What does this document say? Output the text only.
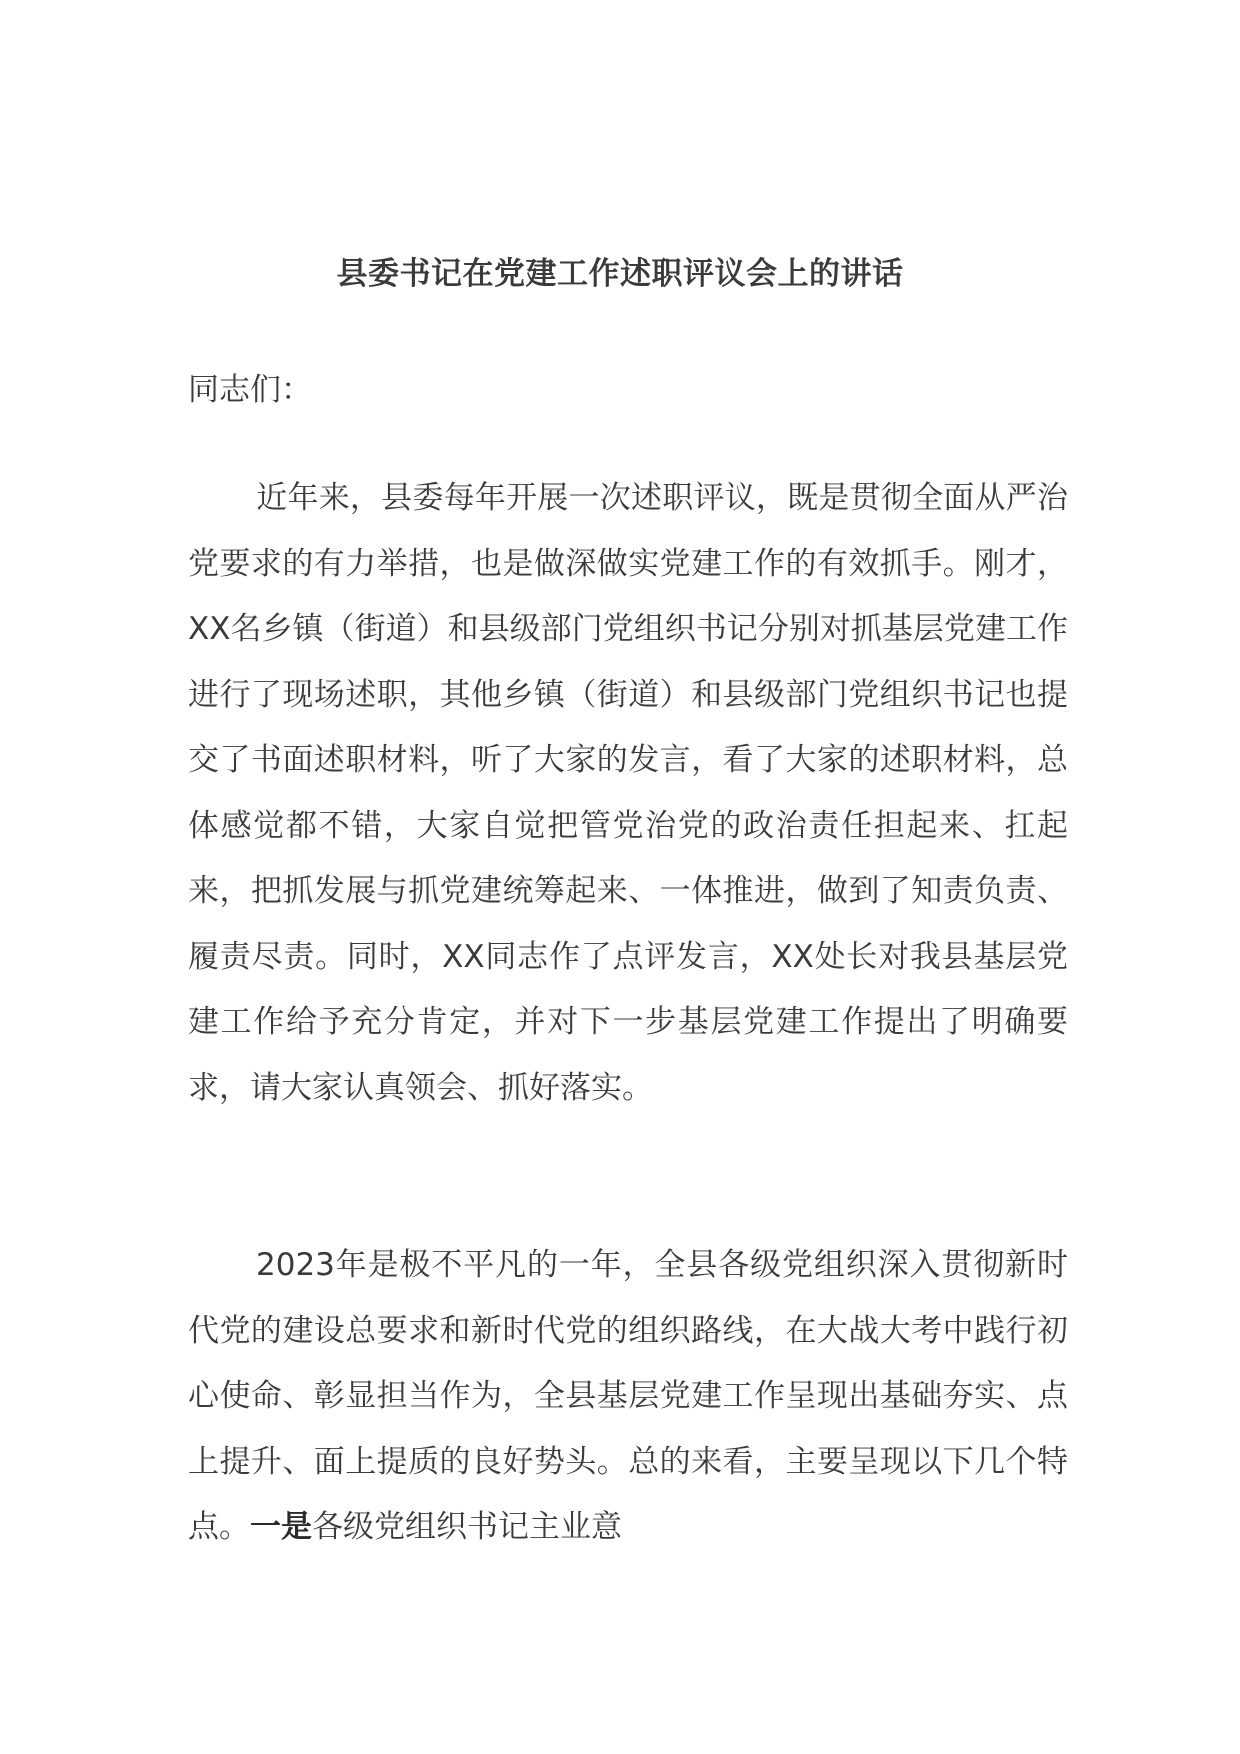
县委书记在党建工作述职评议会上的讲话
同志们：

近年来，县委每年开展一次述职评议，既是贯彻全面从严治党要求的有力举措，也是做深做实党建工作的有效抓手。刚才，XX名乡镇（街道）和县级部门党组织书记分别对抓基层党建工作进行了现场述职，其他乡镇（街道）和县级部门党组织书记也提交了书面述职材料，听了大家的发言，看了大家的述职材料，总体感觉都不错，大家自觉把管党治党的政治责任担起来、扛起来，把抓发展与抓党建统筹起来、一体推进，做到了知责负责、履责尽责。同时，XX同志作了点评发言，XX处长对我县基层党建工作给予充分肯定，并对下一步基层党建工作提出了明确要求，请大家认真领会、抓好落实。

2023年是极不平凡的一年，全县各级党组织深入贯彻新时代党的建设总要求和新时代党的组织路线，在大战大考中践行初心使命、彰显担当作为，全县基层党建工作呈现出基础夯实、点上提升、面上提质的良好势头。总的来看，主要呈现以下几个特点。一是各级党组织书记主业意
